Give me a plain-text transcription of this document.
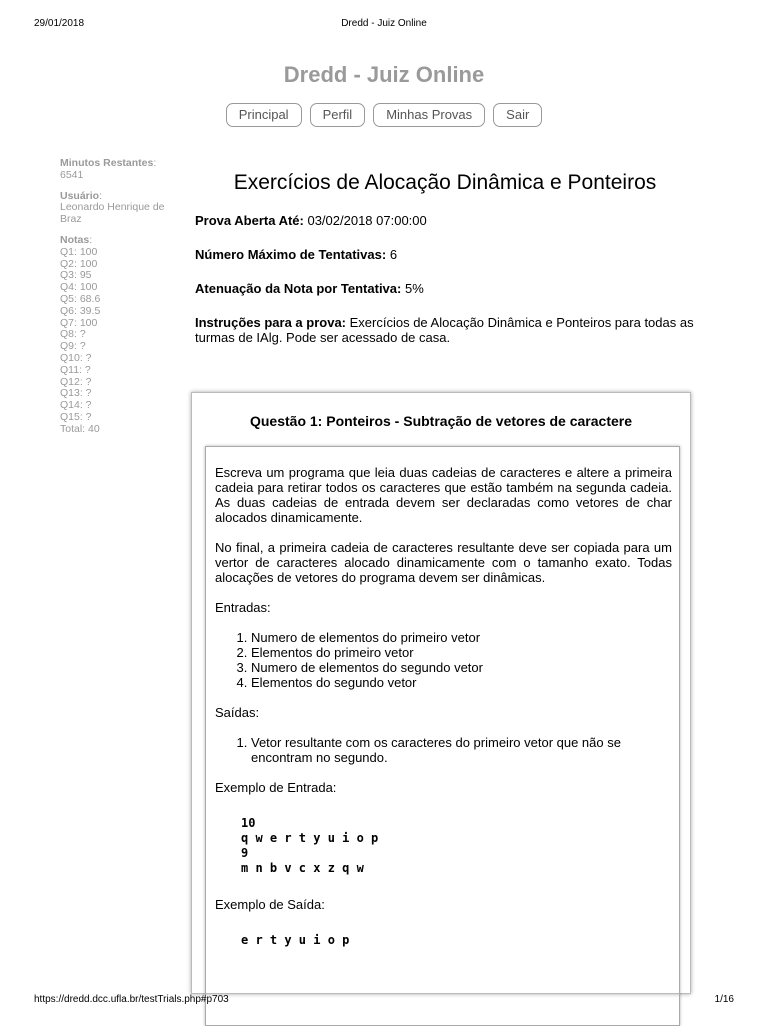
29/01/2018	Dredd - Juiz Online
Dredd - Juiz Online
Principal	Perfil	Minhas Provas	Sair
Minutos Restantes:
6541
Usuário:
Leonardo Henrique de Braz
Notas:

Q1: 100
Q2: 100
Q3: 95
Q4: 100
Q5: 68.6
Q6: 39.5
Q7: 100
Q8: ?
Q9: ?
Q10: ?
Q11: ?
Q12: ?
Q13: ?
Q14: ?
Q15: ?
Total: 40
Exercícios de Alocação Dinâmica e Ponteiros
Prova Aberta Até: 03/02/2018 07:00:00
Número Máximo de Tentativas: 6
Atenuação da Nota por Tentativa: 5%
Instruções para a prova: Exercícios de Alocação Dinâmica e Ponteiros para todas as turmas de IAlg. Pode ser acessado de casa.
Questão 1: Ponteiros - Subtração de vetores de caractere

Escreva um programa que leia duas cadeias de caracteres e altere a primeira cadeia para retirar todos os caracteres que estão também na segunda cadeia. As duas cadeias de entrada devem ser declaradas como vetores de char alocados dinamicamente.

No final, a primeira cadeia de caracteres resultante deve ser copiada para um vertor de caracteres alocado dinamicamente com o tamanho exato. Todas alocações de vetores do programa devem ser dinâmicas.

Entradas:

1. Numero de elementos do primeiro vetor
2. Elementos do primeiro vetor
3. Numero de elementos do segundo vetor
4. Elementos do segundo vetor

Saídas:

1. Vetor resultante com os caracteres do primeiro vetor que não se encontram no segundo.

Exemplo de Entrada:

10
q w e r t y u i o p
9
m n b v c x z q w

Exemplo de Saída:

e r t y u i o p
https://dredd.dcc.ufla.br/testTrials.php#p703	1/16
